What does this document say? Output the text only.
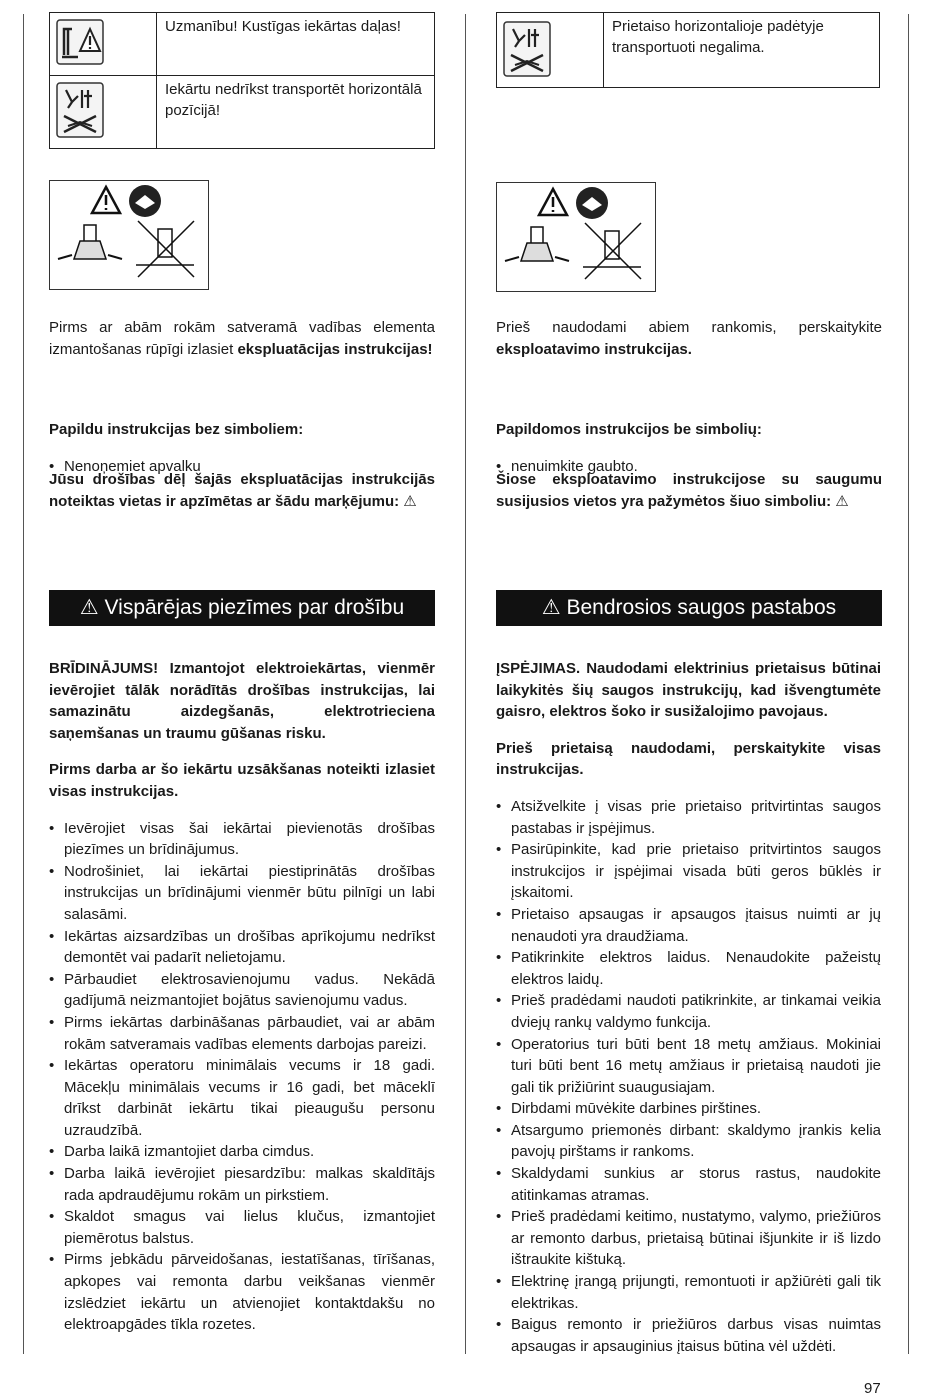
	Uzmanību! Kustīgas iekārtas daļas!
	Iekārtu nedrīkst transportēt horizontālā pozīcijā!
	Prietaiso horizontalioje padėtyje transportuoti negalima.
Pirms ar abām rokām satveramā vadības elementa izmantošanas rūpīgi izlasiet ekspluatācijas instrukcijas!

Papildu instrukcijas bez simboliem:

• Nenoņemiet apvalku
Jūsu drošības dēļ šajās ekspluatācijas instrukcijās noteiktas vietas ir apzīmētas ar šādu marķējumu: ⚠
⚠ Vispārējas piezīmes par drošību

BRĪDINĀJUMS! Izmantojot elektroiekārtas, vienmēr ievērojiet tālāk norādītās drošības instrukcijas, lai samazinātu aizdegšanās, elektrotrieciena saņemšanas un traumu gūšanas risku.

Pirms darba ar šo iekārtu uzsākšanas noteikti izlasiet visas instrukcijas.

• Ievērojiet visas šai iekārtai pievienotās drošības piezīmes un brīdinājumus.
• Nodrošiniet, lai iekārtai piestiprinātās drošības instrukcijas un brīdinājumi vienmēr būtu pilnīgi un labi salasāmi.
• Iekārtas aizsardzības un drošības aprīkojumu nedrīkst demontēt vai padarīt nelietojamu.
• Pārbaudiet elektrosavienojumu vadus. Nekādā gadījumā neizmantojiet bojātus savienojumu vadus.
• Pirms iekārtas darbināšanas pārbaudiet, vai ar abām rokām satveramais vadības elements darbojas pareizi.
• Iekārtas operatoru minimālais vecums ir 18 gadi. Mācekļu minimālais vecums ir 16 gadi, bet māceklī drīkst darbināt iekārtu tikai pieaugušu personu uzraudzībā.
• Darba laikā izmantojiet darba cimdus.
• Darba laikā ievērojiet piesardzību: malkas skaldītājs rada apdraudējumu rokām un pirkstiem.
• Skaldot smagus vai lielus klučus, izmantojiet piemērotus balstus.
• Pirms jebkādu pārveidošanas, iestatīšanas, tīrīšanas, apkopes vai remonta darbu veikšanas vienmēr izslēdziet iekārtu un atvienojiet kontaktdakšu no elektroapgādes tīkla rozetes.
Prieš naudodami abiem rankomis, perskaitykite eksploatavimo instrukcijas.

Papildomos instrukcijos be simbolių:

• nenuimkite gaubto.
Šiose eksploatavimo instrukcijose su saugumu susijusios vietos yra pažymėtos šiuo simboliu: ⚠
⚠ Bendrosios saugos pastabos

ĮSPĖJIMAS. Naudodami elektrinius prietaisus būtinai laikykitės šių saugos instrukcijų, kad išvengtumėte gaisro, elektros šoko ir susižalojimo pavojaus.

Prieš prietaisą naudodami, perskaitykite visas instrukcijas.

• Atsižvelkite į visas prie prietaiso pritvirtintas saugos pastabas ir įspėjimus.
• Pasirūpinkite, kad prie prietaiso pritvirtintos saugos instrukcijos ir įspėjimai visada būti geros būklės ir įskaitomi.
• Prietaiso apsaugas ir apsaugos įtaisus nuimti ar jų nenaudoti yra draudžiama.
• Patikrinkite elektros laidus. Nenaudokite pažeistų elektros laidų.
• Prieš pradėdami naudoti patikrinkite, ar tinkamai veikia dviejų rankų valdymo funkcija.
• Operatorius turi būti bent 18 metų amžiaus. Mokiniai turi būti bent 16 metų amžiaus ir prietaisą naudoti jie gali tik prižiūrint suaugusiajam.
• Dirbdami mūvėkite darbines pirštines.
• Atsargumo priemonės dirbant: skaldymo įrankis kelia pavojų pirštams ir rankoms.
• Skaldydami sunkius ar storus rastus, naudokite atitinkamas atramas.
• Prieš pradėdami keitimo, nustatymo, valymo, priežiūros ar remonto darbus, prietaisą būtinai išjunkite ir iš lizdo ištraukite kištuką.
• Elektrinę įrangą prijungti, remontuoti ir apžiūrėti gali tik elektrikas.
• Baigus remonto ir priežiūros darbus visas nuimtas apsaugas ir apsauginius įtaisus būtina vėl uždėti.
97
